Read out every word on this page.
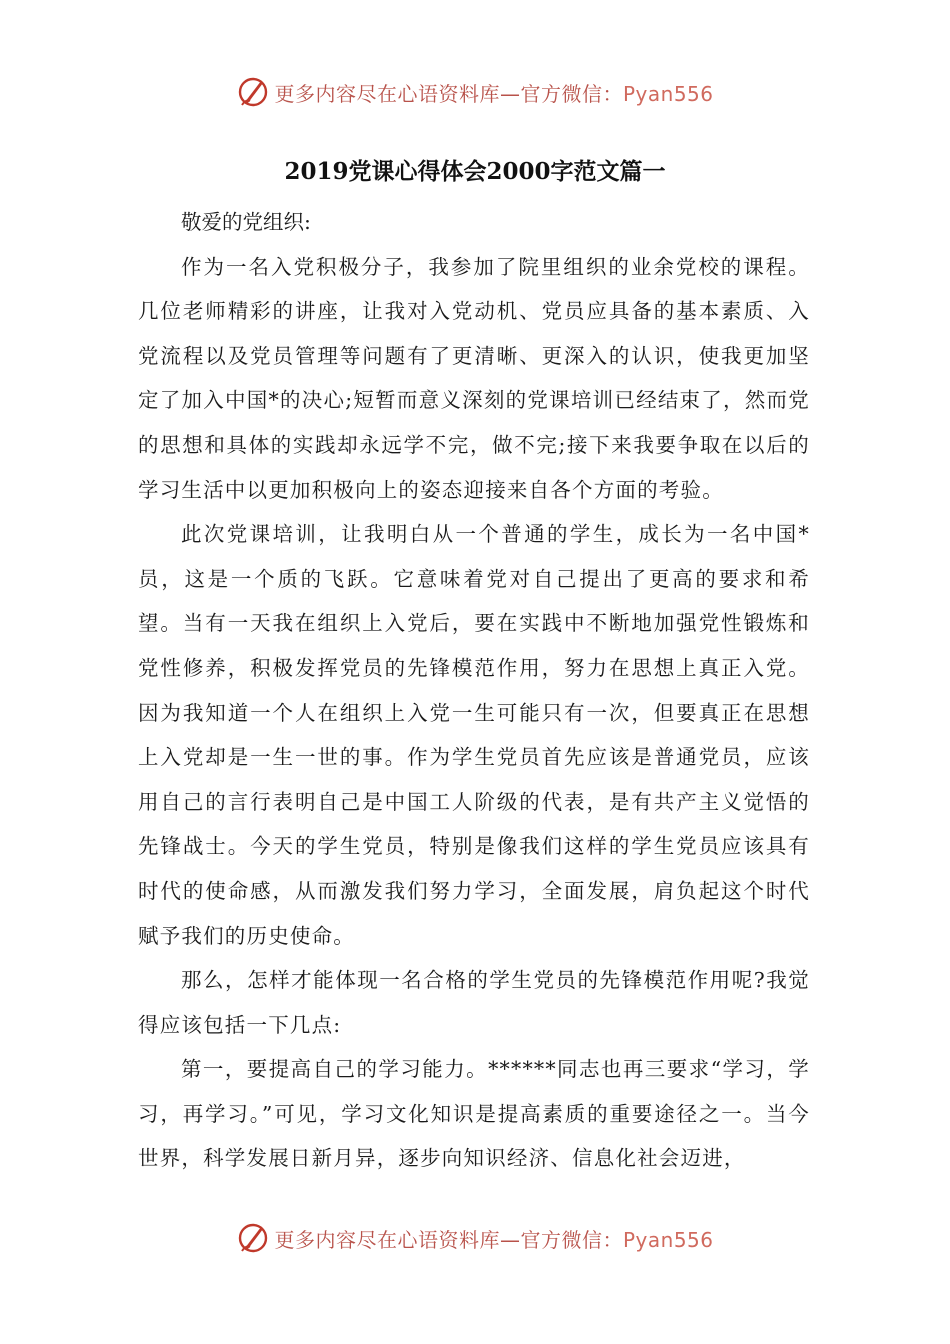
更多内容尽在心语资料库—官方微信：Pyan556
2019党课心得体会2000字范文篇一

敬爱的党组织:

作为一名入党积极分子，我参加了院里组织的业余党校的课程。几位老师精彩的讲座，让我对入党动机、党员应具备的基本素质、入党流程以及党员管理等问题有了更清晰、更深入的认识，使我更加坚定了加入中国*的决心;短暂而意义深刻的党课培训已经结束了，然而党的思想和具体的实践却永远学不完，做不完;接下来我要争取在以后的学习生活中以更加积极向上的姿态迎接来自各个方面的考验。

此次党课培训，让我明白从一个普通的学生，成长为一名中国*员，这是一个质的飞跃。它意味着党对自己提出了更高的要求和希望。当有一天我在组织上入党后，要在实践中不断地加强党性锻炼和党性修养，积极发挥党员的先锋模范作用，努力在思想上真正入党。因为我知道一个人在组织上入党一生可能只有一次，但要真正在思想上入党却是一生一世的事。作为学生党员首先应该是普通党员，应该用自己的言行表明自己是中国工人阶级的代表，是有共产主义觉悟的先锋战士。今天的学生党员，特别是像我们这样的学生党员应该具有时代的使命感，从而激发我们努力学习，全面发展，肩负起这个时代赋予我们的历史使命。

那么，怎样才能体现一名合格的学生党员的先锋模范作用呢?我觉得应该包括一下几点:

第一，要提高自己的学习能力。******同志也再三要求“学习，学习，再学习。”可见，学习文化知识是提高素质的重要途径之一。当今世界，科学发展日新月异，逐步向知识经济、信息化社会迈进，

更多内容尽在心语资料库—官方微信：Pyan556
